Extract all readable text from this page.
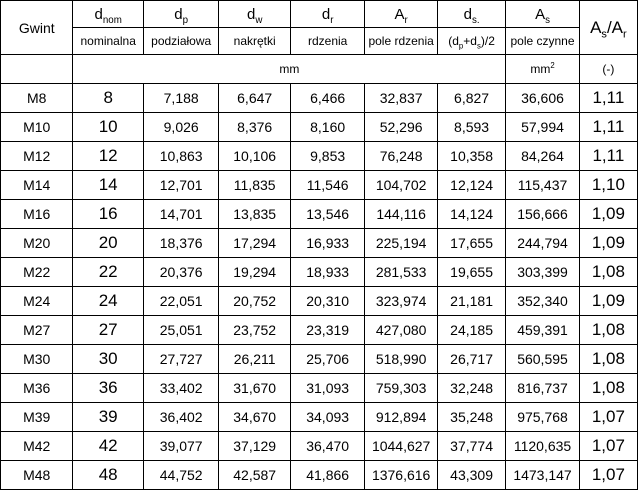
Gwint	$d_{nom}$	$d_p$	$d_w$	$d_r$	$A_r$	$d_{s.}$	$A_s$	$A_s/A_r$
	nominalna	podziałowa	nakrętki	rdzenia	pole rdzenia	$(d_p+d_s)/2$	pole czynne	
	mm						$mm^2$	(-)
M8	8	7,188	6,647	6,466	32,837	6,827	36,606	1,11
M10	10	9,026	8,376	8,160	52,296	8,593	57,994	1,11
M12	12	10,863	10,106	9,853	76,248	10,358	84,264	1,11
M14	14	12,701	11,835	11,546	104,702	12,124	115,437	1,10
M16	16	14,701	13,835	13,546	144,116	14,124	156,666	1,09
M20	20	18,376	17,294	16,933	225,194	17,655	244,794	1,09
M22	22	20,376	19,294	18,933	281,533	19,655	303,399	1,08
M24	24	22,051	20,752	20,310	323,974	21,181	352,340	1,09
M27	27	25,051	23,752	23,319	427,080	24,185	459,391	1,08
M30	30	27,727	26,211	25,706	518,990	26,717	560,595	1,08
M36	36	33,402	31,670	31,093	759,303	32,248	816,737	1,08
M39	39	36,402	34,670	34,093	912,894	35,248	975,768	1,07
M42	42	39,077	37,129	36,470	1044,627	37,774	1120,635	1,07
M48	48	44,752	42,587	41,866	1376,616	43,309	1473,147	1,07
